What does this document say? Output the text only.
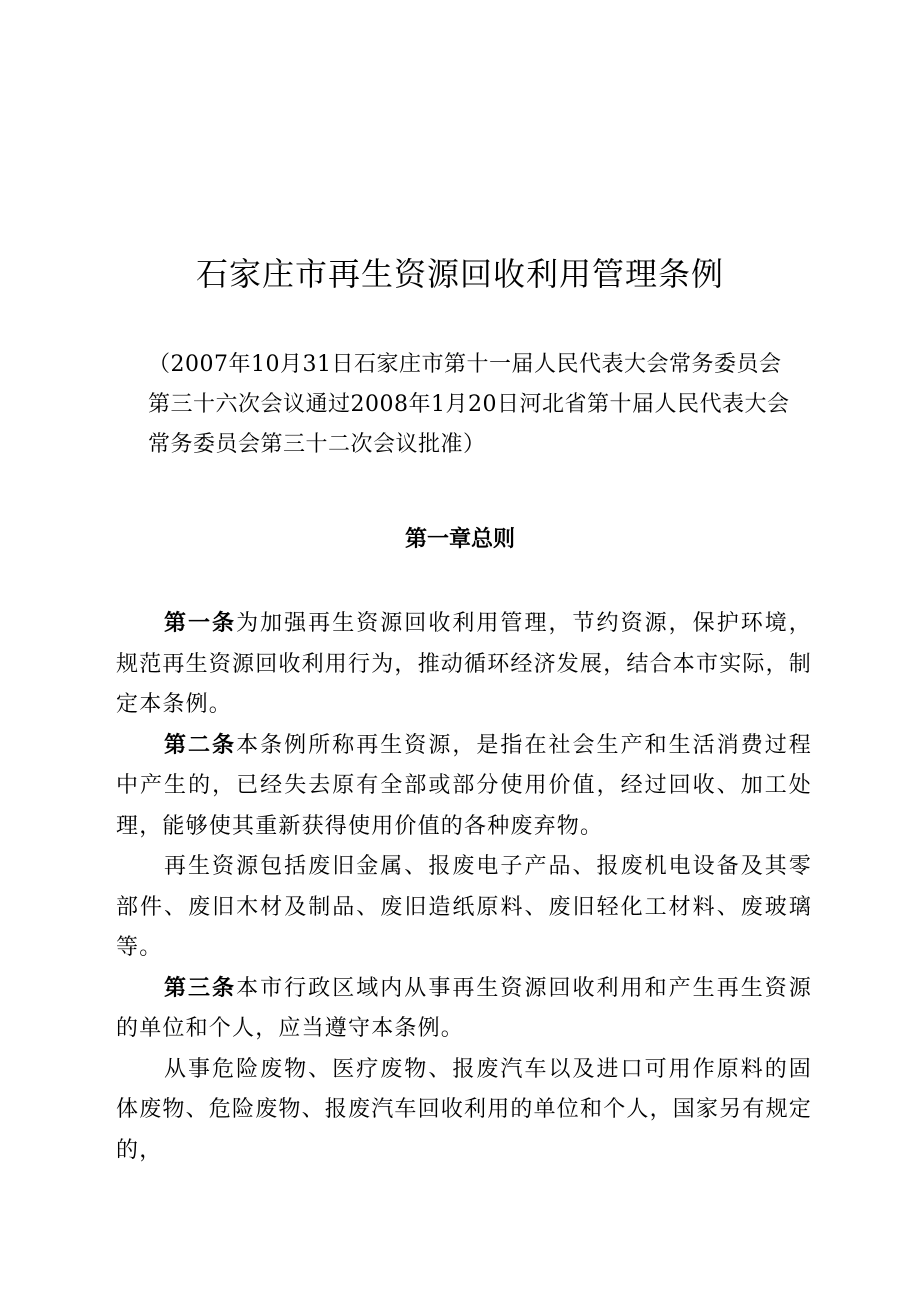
石家庄市再生资源回收利用管理条例

（2007年10月31日石家庄市第十一届人民代表大会常务委员会

第三十六次会议通过2008年1月20日河北省第十届人民代表大会

常务委员会第三十二次会议批准）

第一章总则

第一条为加强再生资源回收利用管理，节约资源，保护环境，规范再生资源回收利用行为，推动循环经济发展，结合本市实际，制定本条例。

第二条本条例所称再生资源，是指在社会生产和生活消费过程中产生的，已经失去原有全部或部分使用价值，经过回收、加工处理，能够使其重新获得使用价值的各种废弃物。

再生资源包括废旧金属、报废电子产品、报废机电设备及其零部件、废旧木材及制品、废旧造纸原料、废旧轻化工材料、废玻璃等。

第三条本市行政区域内从事再生资源回收利用和产生再生资源的单位和个人，应当遵守本条例。

从事危险废物、医疗废物、报废汽车以及进口可用作原料的固体废物、危险废物、报废汽车回收利用的单位和个人，国家另有规定的，
